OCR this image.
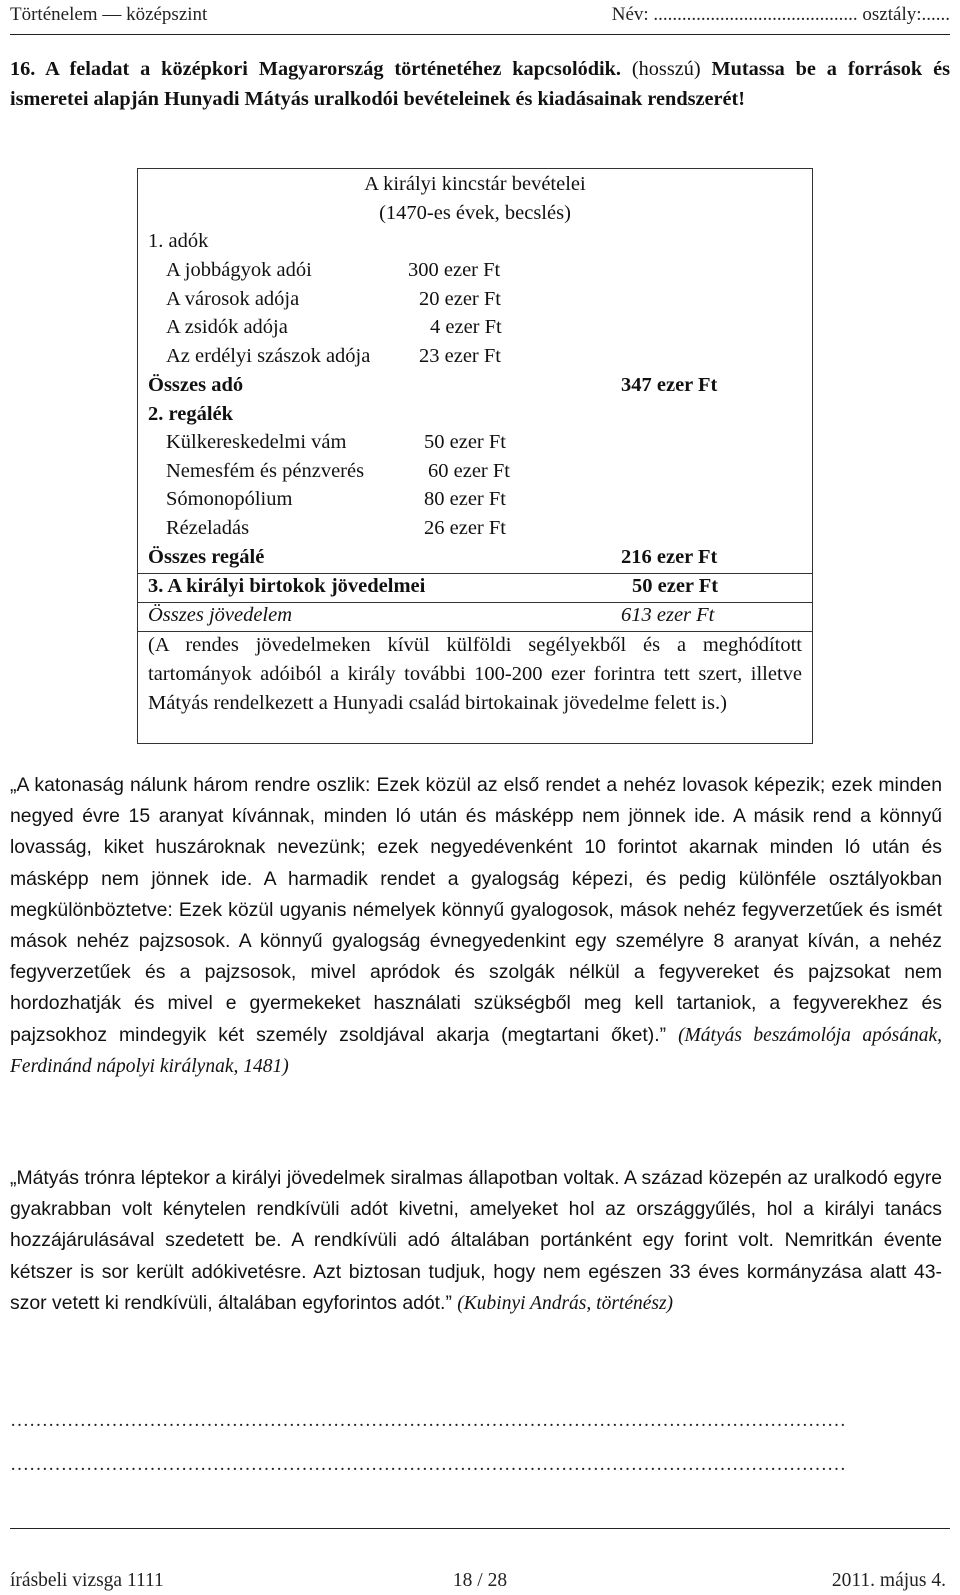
Történelem — középszint	Név: ........................................... osztály:......
16. A feladat a középkori Magyarország történetéhez kapcsolódik. (hosszú) Mutassa be a források és ismeretei alapján Hunyadi Mátyás uralkodói bevételeinek és kiadásainak rendszerét!
A királyi kincstár bevételei
(1470-es évek, becslés)
1. adók
A jobbágyok adói	300 ezer Ft
A városok adója	20 ezer Ft
A zsidók adója	4 ezer Ft
Az erdélyi szászok adója 23 ezer Ft
Összes adó	347 ezer Ft
2. regálék
Külkereskedelmi vám	50 ezer Ft
Nemesfém és pénzverés	60 ezer Ft
Sómonopólium	80 ezer Ft
Rézeladás	26 ezer Ft
Összes regálé	216 ezer Ft
3. A királyi birtokok jövedelmei	50 ezer Ft
Összes jövedelem	613 ezer Ft
(A rendes jövedelmeken kívül külföldi segélyekből és a meghódított tartományok adóiból a király további 100-200 ezer forintra tett szert, illetve Mátyás rendelkezett a Hunyadi család birtokainak jövedelme felett is.)
„A katonaság nálunk három rendre oszlik: Ezek közül az első rendet a nehéz lovasok képezik; ezek minden negyed évre 15 aranyat kívánnak, minden ló után és másképp nem jönnek ide. A másik rend a könnyű lovasság, kiket huszároknak nevezünk; ezek negyedévenként 10 forintot akarnak minden ló után és másképp nem jönnek ide. A harmadik rendet a gyalogság képezi, és pedig különféle osztályokban megkülönböztetve: Ezek közül ugyanis némelyek könnyű gyalogosok, mások nehéz fegyverzetűek és ismét mások nehéz pajzsosok. A könnyű gyalogság évnegyedenkint egy személyre 8 aranyat kíván, a nehéz fegyverzetűek és a pajzsosok, mivel apródok és szolgák nélkül a fegyvereket és pajzsokat nem hordozhatják és mivel e gyermekeket használati szükségből meg kell tartaniok, a fegyverekhez és pajzsokhoz mindegyik két személy zsoldjával akarja (megtartani őket).” (Mátyás beszámolója apósának, Ferdinánd nápolyi királynak, 1481)
„Mátyás trónra léptekor a királyi jövedelmek siralmas állapotban voltak. A század közepén az uralkodó egyre gyakrabban volt kénytelen rendkívüli adót kivetni, amelyeket hol az országgyűlés, hol a királyi tanács hozzájárulásával szedetett be. A rendkívüli adó általában portánként egy forint volt. Nemritkán évente kétszer is sor került adókivetésre. Azt biztosan tudjuk, hogy nem egészen 33 éves kormányzása alatt 43-szor vetett ki rendkívüli, általában egyforintos adót.” (Kubinyi András, történész)
……………………………………………………………………………………………………………………
……………………………………………………………………………………………………………………
írásbeli vizsga 1111	18 / 28	2011. május 4.
